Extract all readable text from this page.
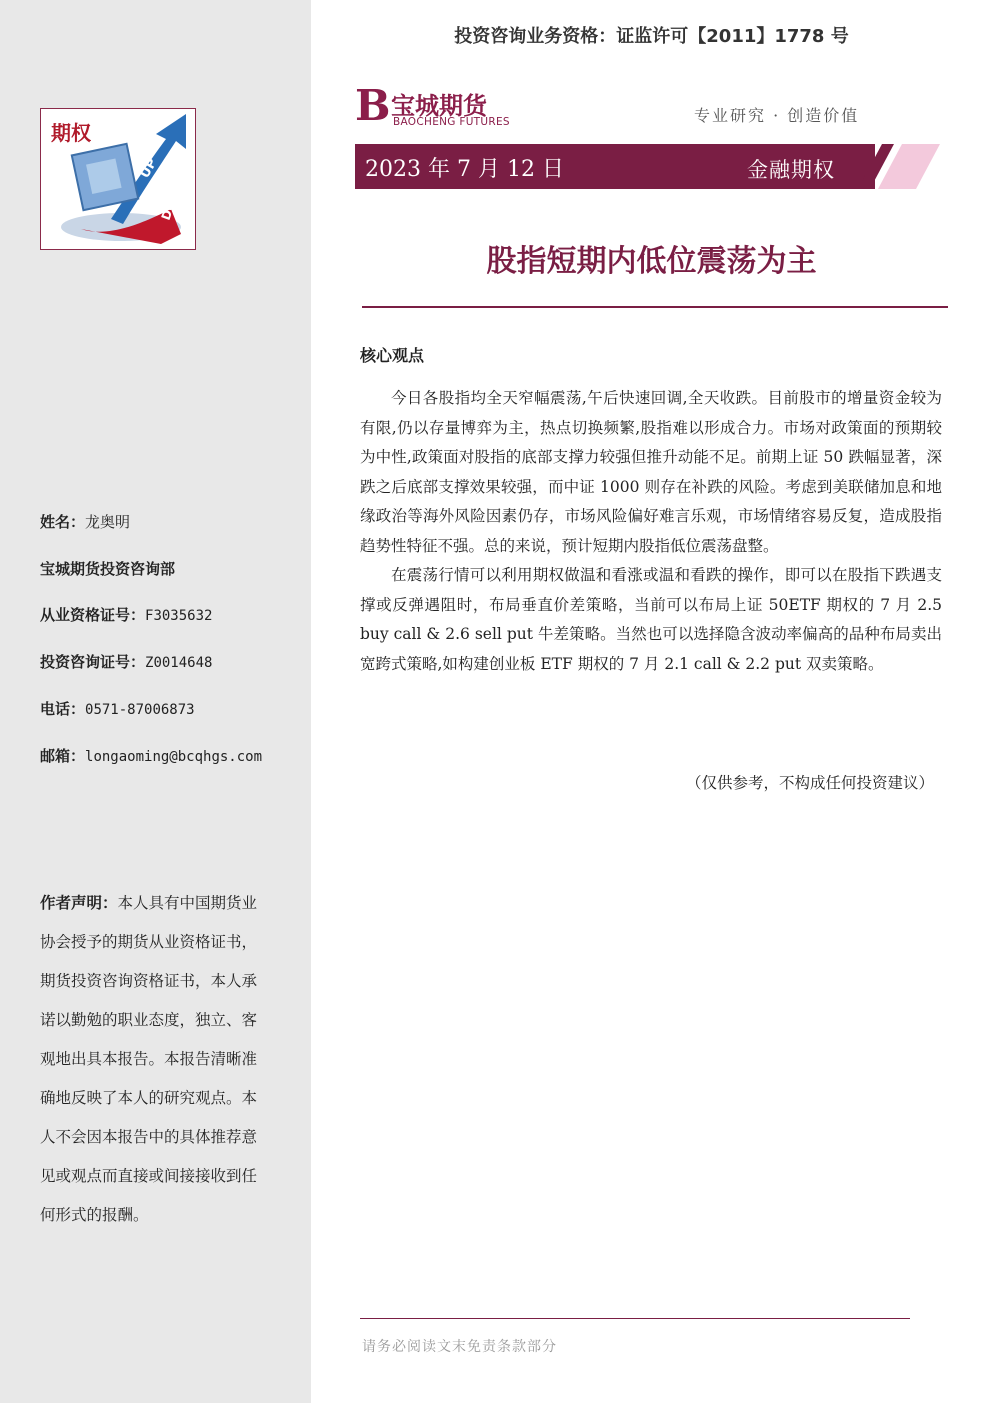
期权
UP
DO
姓名：龙奥明
宝城期货投资咨询部
从业资格证号：F3035632
投资咨询证号：Z0014648
电话：0571-87006873
邮箱：longaoming@bcqhgs.com
作者声明：本人具有中国期货业协会授予的期货从业资格证书，期货投资咨询资格证书，本人承诺以勤勉的职业态度，独立、客观地出具本报告。本报告清晰准确地反映了本人的研究观点。本人不会因本报告中的具体推荐意见或观点而直接或间接接收到任何形式的报酬。
投资咨询业务资格：证监许可【2011】1778 号
B 宝城期货
BAOCHENG FUTURES	专业研究 · 创造价值
2023 年 7 月 12 日	金融期权
股指短期内低位震荡为主
核心观点

今日各股指均全天窄幅震荡,午后快速回调,全天收跌。目前股市的增量资金较为有限,仍以存量博弈为主，热点切换频繁,股指难以形成合力。市场对政策面的预期较为中性,政策面对股指的底部支撑力较强但推升动能不足。前期上证 50 跌幅显著，深跌之后底部支撑效果较强，而中证 1000 则存在补跌的风险。考虑到美联储加息和地缘政治等海外风险因素仍存，市场风险偏好难言乐观，市场情绪容易反复，造成股指趋势性特征不强。总的来说，预计短期内股指低位震荡盘整。

在震荡行情可以利用期权做温和看涨或温和看跌的操作，即可以在股指下跌遇支撑或反弹遇阻时，布局垂直价差策略，当前可以布局上证 50ETF 期权的 7 月 2.5 buy call & 2.6 sell put 牛差策略。当然也可以选择隐含波动率偏高的品种布局卖出宽跨式策略,如构建创业板 ETF 期权的 7 月 2.1 call & 2.2 put 双卖策略。

（仅供参考，不构成任何投资建议）
请务必阅读文末免责条款部分
